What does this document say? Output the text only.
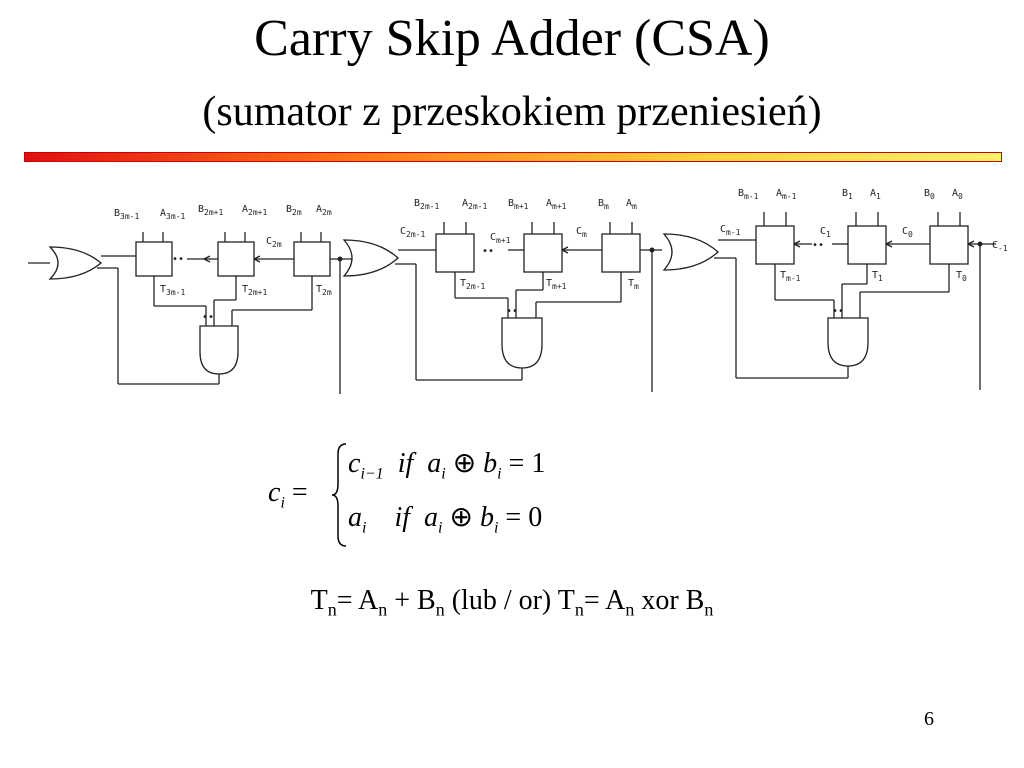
Carry Skip Adder (CSA)
(sumator z przeskokiem przeniesień)
$B_{3m-1}$ $A_{3m-1}$
$B_{2m+1}$ $A_{2m+1}$ $B_{2m}$ $A_{2m}$
$C_{2m}$
••
$T_{3m-1}$	$T_{2m+1}$	$T_{2m}$
••
$C_{2m-1}$
$B_{2m-1}$ $A_{2m-1}$ $B_{m+1}$ $A_{m+1}$	$B_m$ $A_m$
$C_{m+1}$
$C_m$
••
$T_{2m-1}$	$T_{m+1}$	$T_m$
••
$C_{m-1}$
$B_{m-1}$ $A_{m-1}$	$B_1$ $A_1$	$B_0$ $A_0$
$C_1$	$C_0$
$C_{-1}$
••
$T_{m-1}$	$T_1$	$T_0$
••
$c_i$ =
$c_{i-1}$ if $a_i$ ⊕ $b_i = 1$
$a_i$ if $a_i$ ⊕ $b_i = 0$
$T_n= A_n + B_n$ (lub / or) $T_n= A_n$ xor $B_n$
6
